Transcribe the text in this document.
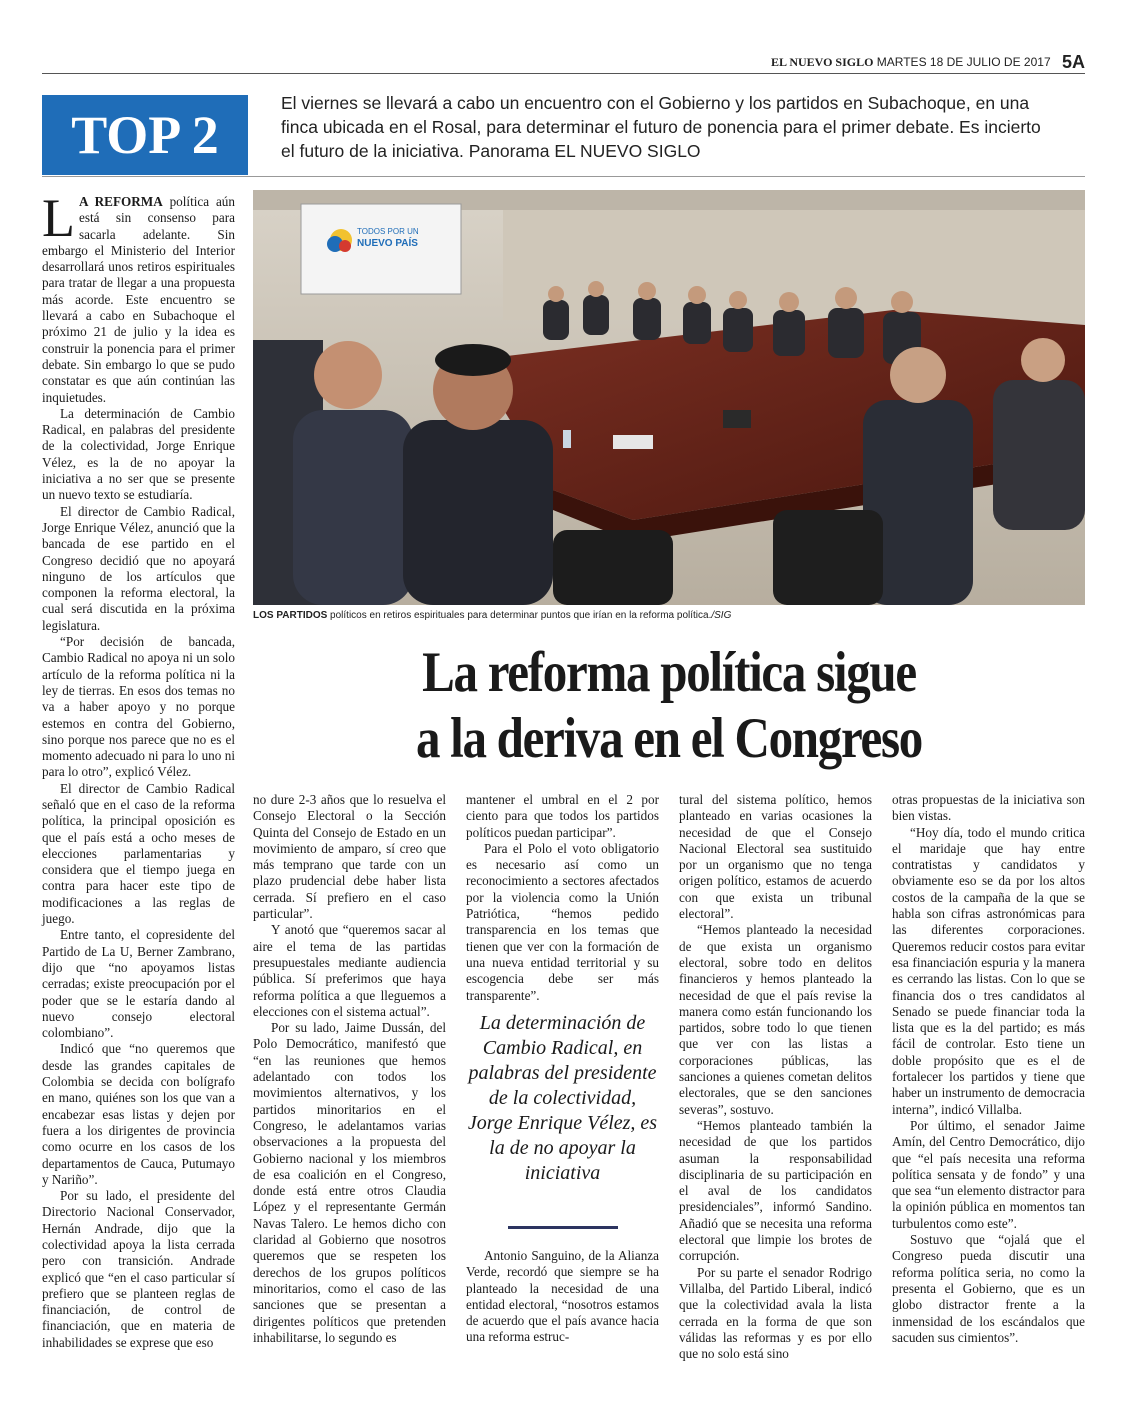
EL NUEVO SIGLO MARTES 18 DE JULIO DE 2017 5A
TOP 2
El viernes se llevará a cabo un encuentro con el Gobierno y los partidos en Subachoque, en una finca ubicada en el Rosal, para determinar el futuro de ponencia para el primer debate. Es incierto el futuro de la iniciativa. Panorama EL NUEVO SIGLO
TODOS POR UN
NUEVO PAÍS
LOS PARTIDOS políticos en retiros espirituales para determinar puntos que irían en la reforma política./SIG
La reforma política sigue
a la deriva en el Congreso

L A REFORMA política aún está sin consenso para sacarla adelante. Sin embargo el Ministerio del Interior desarrollará unos retiros espirituales para tratar de llegar a una propuesta más acorde. Este encuentro se llevará a cabo en Subachoque el próximo 21 de julio y la idea es construir la ponencia para el primer debate. Sin embargo lo que se pudo constatar es que aún continúan las inquietudes.

La determinación de Cambio Radical, en palabras del presidente de la colectividad, Jorge Enrique Vélez, es la de no apoyar la iniciativa a no ser que se presente un nuevo texto se estudiaría.

El director de Cambio Radical, Jorge Enrique Vélez, anunció que la bancada de ese partido en el Congreso decidió que no apoyará ninguno de los artículos que componen la reforma electoral, la cual será discutida en la próxima legislatura.

“Por decisión de bancada, Cambio Radical no apoya ni un solo artículo de la reforma política ni la ley de tierras. En esos dos temas no va a haber apoyo y no porque estemos en contra del Gobierno, sino porque nos parece que no es el momento adecuado ni para lo uno ni para lo otro”, explicó Vélez.

El director de Cambio Radical señaló que en el caso de la reforma política, la principal oposición es que el país está a ocho meses de elecciones parlamentarias y considera que el tiempo juega en contra para hacer este tipo de modificaciones a las reglas de juego.

Entre tanto, el copresidente del Partido de La U, Berner Zambrano, dijo que “no apoyamos listas cerradas; existe preocupación por el poder que se le estaría dando al nuevo consejo electoral colombiano”.

Indicó que “no queremos que desde las grandes capitales de Colombia se decida con bolígrafo en mano, quiénes son los que van a encabezar esas listas y dejen por fuera a los dirigentes de provincia como ocurre en los casos de los departamentos de Cauca, Putumayo y Nariño”.

Por su lado, el presidente del Directorio Nacional Conservador, Hernán Andrade, dijo que la colectividad apoya la lista cerrada pero con transición. Andrade explicó que “en el caso particular sí prefiero que se planteen reglas de financiación, de control de financiación, que en materia de inhabilidades se exprese que eso

no dure 2-3 años que lo resuelva el Consejo Electoral o la Sección Quinta del Consejo de Estado en un movimiento de amparo, sí creo que más temprano que tarde con un plazo prudencial debe haber lista cerrada. Sí prefiero en el caso particular”.

Y anotó que “queremos sacar al aire el tema de las partidas presupuestales mediante audiencia pública. Sí preferimos que haya reforma política a que lleguemos a elecciones con el sistema actual”.

Por su lado, Jaime Dussán, del Polo Democrático, manifestó que “en las reuniones que hemos adelantado con todos los movimientos alternativos, y los partidos minoritarios en el Congreso, le adelantamos varias observaciones a la propuesta del Gobierno nacional y los miembros de esa coalición en el Congreso, donde está entre otros Claudia López y el representante Germán Navas Talero. Le hemos dicho con claridad al Gobierno que nosotros queremos que se respeten los derechos de los grupos políticos minoritarios, como el caso de las sanciones que se presentan a dirigentes políticos que pretenden inhabilitarse, lo segundo es

mantener el umbral en el 2 por ciento para que todos los partidos políticos puedan participar”.

Para el Polo el voto obligatorio es necesario así como un reconocimiento a sectores afectados por la violencia como la Unión Patriótica, “hemos pedido transparencia en los temas que tienen que ver con la formación de una nueva entidad territorial y su escogencia debe ser más transparente”.

La determinación de Cambio Radical, en palabras del presidente de la colectividad, Jorge Enrique Vélez, es la de no apoyar la iniciativa

Antonio Sanguino, de la Alianza Verde, recordó que siempre se ha planteado la necesidad de una entidad electoral, “nosotros estamos de acuerdo que el país avance hacia una reforma estruc-

tural del sistema político, hemos planteado en varias ocasiones la necesidad de que el Consejo Nacional Electoral sea sustituido por un organismo que no tenga origen político, estamos de acuerdo con que exista un tribunal electoral”.

“Hemos planteado la necesidad de que exista un organismo electoral, sobre todo en delitos financieros y hemos planteado la necesidad de que el país revise la manera como están funcionando los partidos, sobre todo lo que tienen que ver con las listas a corporaciones públicas, las sanciones a quienes cometan delitos electorales, que se den sanciones severas”, sostuvo.

“Hemos planteado también la necesidad de que los partidos asuman la responsabilidad disciplinaria de su participación en el aval de los candidatos presidenciales”, informó Sandino. Añadió que se necesita una reforma electoral que limpie los brotes de corrupción.

Por su parte el senador Rodrigo Villalba, del Partido Liberal, indicó que la colectividad avala la lista cerrada en la forma de que son válidas las reformas y es por ello que no solo está sino

otras propuestas de la iniciativa son bien vistas.

“Hoy día, todo el mundo critica el maridaje que hay entre contratistas y candidatos y obviamente eso se da por los altos costos de la campaña de la que se habla son cifras astronómicas para las diferentes corporaciones. Queremos reducir costos para evitar esa financiación espuria y la manera es cerrando las listas. Con lo que se financia dos o tres candidatos al Senado se puede financiar toda la lista que es la del partido; es más fácil de controlar. Esto tiene un doble propósito que es el de fortalecer los partidos y tiene que haber un instrumento de democracia interna”, indicó Villalba.

Por último, el senador Jaime Amín, del Centro Democrático, dijo que “el país necesita una reforma política sensata y de fondo” y una que sea “un elemento distractor para la opinión pública en momentos tan turbulentos como este”.

Sostuvo que “ojalá que el Congreso pueda discutir una reforma política seria, no como la presenta el Gobierno, que es un globo distractor frente a la inmensidad de los escándalos que sacuden sus cimientos”.
